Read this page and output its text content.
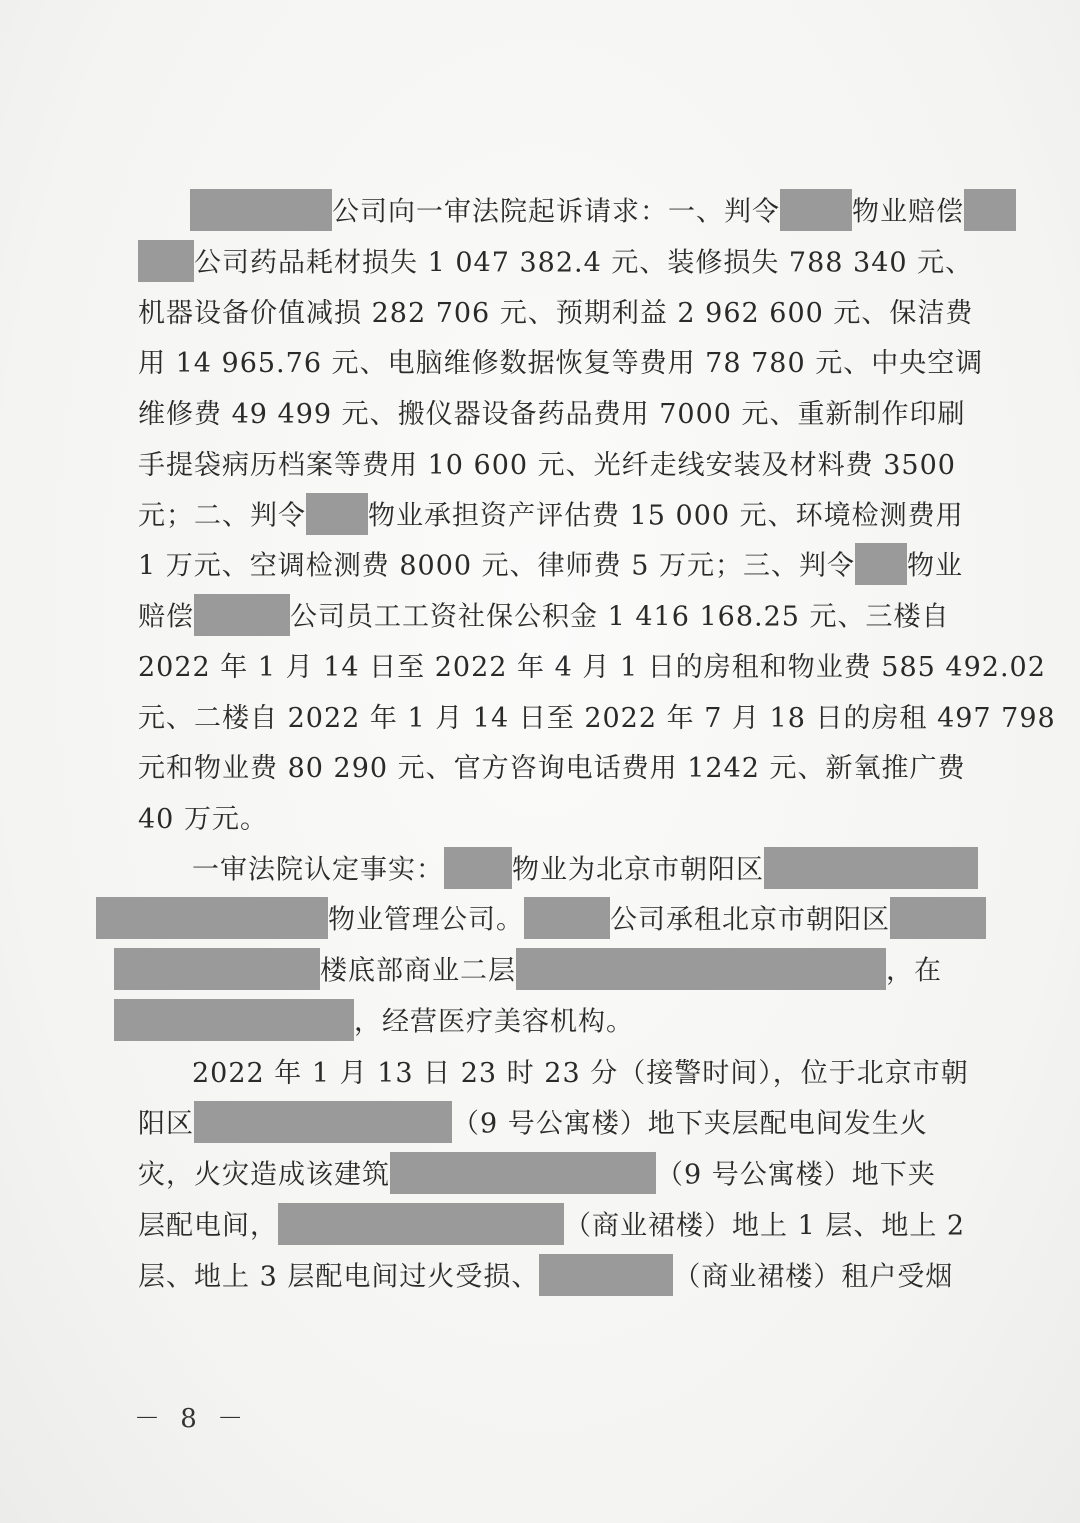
公司向一审法院起诉请求：一、判令	物业赔偿
公司药品耗材损失 1 047 382.4 元、装修损失 788 340 元、
机器设备价值减损 282 706 元、预期利益 2 962 600 元、保洁费
用 14 965.76 元、电脑维修数据恢复等费用 78 780 元、中央空调
维修费 49 499 元、搬仪器设备药品费用 7000 元、重新制作印刷
手提袋病历档案等费用 10 600 元、光纤走线安装及材料费 3500
元；二、判令 物业承担资产评估费 15 000 元、环境检测费用
1 万元、空调检测费 8000 元、律师费 5 万元；三、判令 物业
赔偿	公司员工工资社保公积金 1 416 168.25 元、三楼自
2022 年 1 月 14 日至 2022 年 4 月 1 日的房租和物业费 585 492.02
元、二楼自 2022 年 1 月 14 日至 2022 年 7 月 18 日的房租 497 798
元和物业费 80 290 元、官方咨询电话费用 1242 元、新氧推广费
40 万元。
一审法院认定事实：	物业为北京市朝阳区
物业管理公司。	公司承租北京市朝阳区
楼底部商业二层	，在
，经营医疗美容机构。
2022 年 1 月 13 日 23 时 23 分（接警时间），位于北京市朝
阳区	（9 号公寓楼）地下夹层配电间发生火
灾，火灾造成该建筑	（9 号公寓楼）地下夹
层配电间，	（商业裙楼）地上 1 层、地上 2
层、地上 3 层配电间过火受损、	（商业裙楼）租户受烟
－ 8 －
